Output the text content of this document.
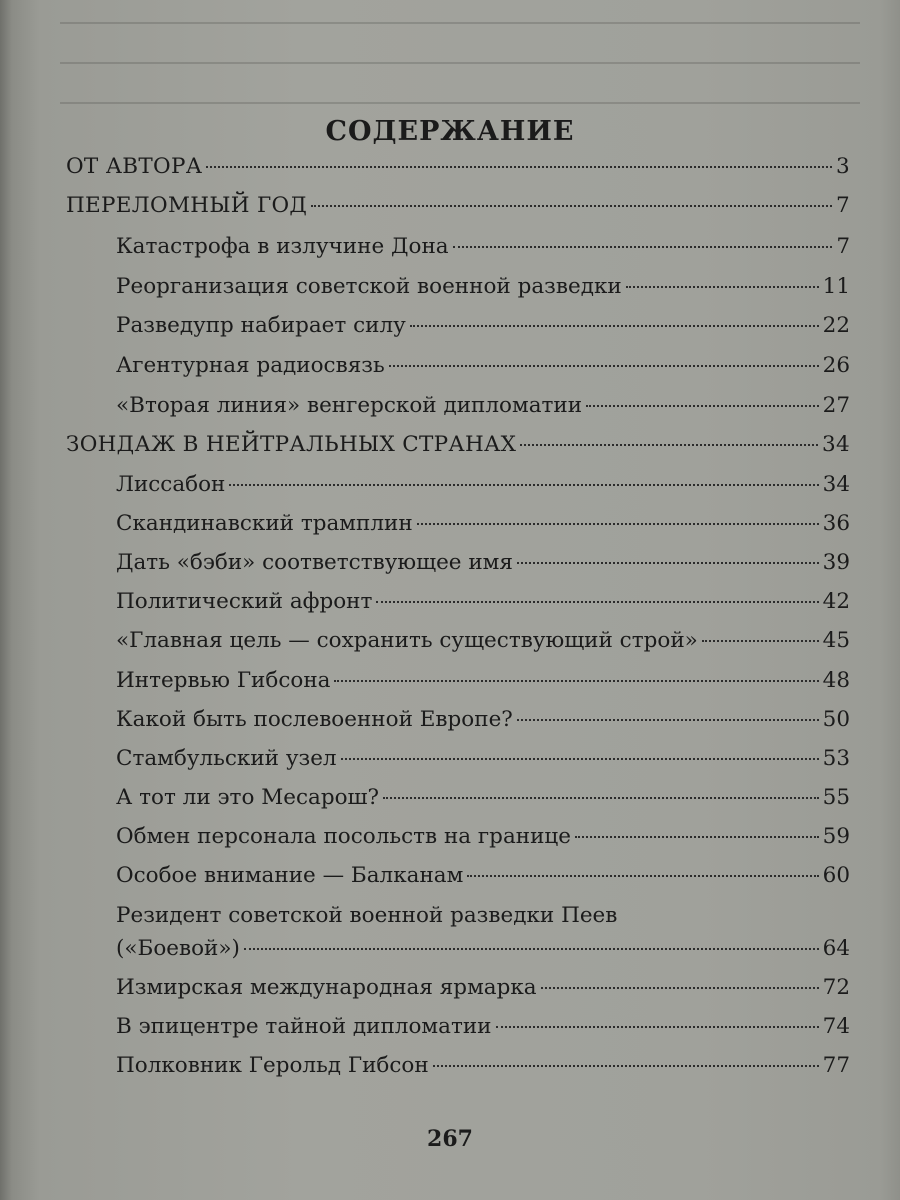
СОДЕРЖАНИЕ
ОТ АВТОРА	3
ПЕРЕЛОМНЫЙ ГОД	7
Катастрофа в излучине Дона	7
Реорганизация советской военной разведки	11
Разведупр набирает силу	22
Агентурная радиосвязь	26
«Вторая линия» венгерской дипломатии	27
ЗОНДАЖ В НЕЙТРАЛЬНЫХ СТРАНАХ	34
Лиссабон	34
Скандинавский трамплин	36
Дать «бэби» соответствующее имя	39
Политический афронт	42
«Главная цель — сохранить существующий строй»	45
Интервью Гибсона	48
Какой быть послевоенной Европе?	50
Стамбульский узел	53
А тот ли это Месарош?	55
Обмен персонала посольств на границе	59
Особое внимание — Балканам	60
Резидент советской военной разведки Пеев
(«Боевой»)	64
Измирская международная ярмарка	72
В эпицентре тайной дипломатии	74
Полковник Герольд Гибсон	77
267
